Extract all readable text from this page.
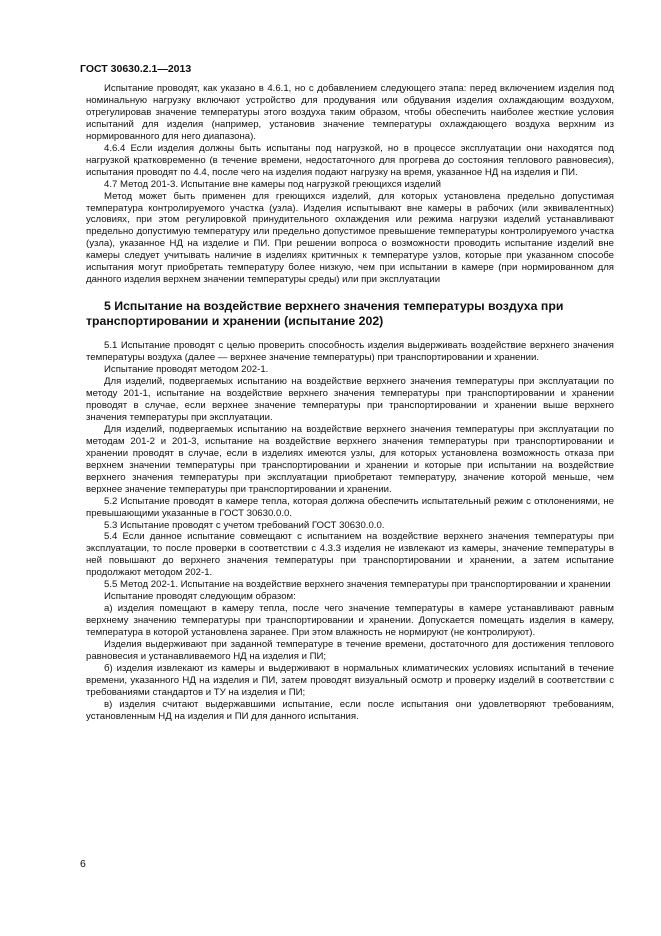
ГОСТ 30630.2.1—2013

Испытание проводят, как указано в 4.6.1, но с добавлением следующего этапа: перед включением изделия под номинальную нагрузку включают устройство для продувания или обдувания изделия охлаждающим воздухом, отрегулировав значение температуры этого воздуха таким образом, чтобы обеспечить наиболее жесткие условия испытаний для изделия (например, установив значение температуры охлаждающего воздуха верхним из нормированного для него диапазона).

4.6.4 Если изделия должны быть испытаны под нагрузкой, но в процессе эксплуатации они находятся под нагрузкой кратковременно (в течение времени, недостаточного для прогрева до состояния теплового равновесия), испытания проводят по 4.4, после чего на изделия подают нагрузку на время, указанное НД на изделия и ПИ.

4.7 Метод 201-3. Испытание вне камеры под нагрузкой греющихся изделий

Метод может быть применен для греющихся изделий, для которых установлена предельно допустимая температура контролируемого участка (узла). Изделия испытывают вне камеры в рабочих (или эквивалентных) условиях, при этом регулировкой принудительного охлаждения или режима нагрузки изделий устанавливают предельно допустимую температуру или предельно допустимое превышение температуры контролируемого участка (узла), указанное НД на изделие и ПИ. При решении вопроса о возможности проводить испытание изделий вне камеры следует учитывать наличие в изделиях критичных к температуре узлов, которые при указанном способе испытания могут приобретать температуру более низкую, чем при испытании в камере (при нормированном для данного изделия верхнем значении температуры среды) или при эксплуатации

5 Испытание на воздействие верхнего значения температуры воздуха при транспортировании и хранении (испытание 202)

5.1 Испытание проводят с целью проверить способность изделия выдерживать воздействие верхнего значения температуры воздуха (далее — верхнее значение температуры) при транспортировании и хранении.

Испытание проводят методом 202-1.

Для изделий, подвергаемых испытанию на воздействие верхнего значения температуры при эксплуатации по методу 201-1, испытание на воздействие верхнего значения температуры при транспортировании и хранении проводят в случае, если верхнее значение температуры при транспортировании и хранении выше верхнего значения температуры при эксплуатации.

Для изделий, подвергаемых испытанию на воздействие верхнего значения температуры при эксплуатации по методам 201-2 и 201-3, испытание на воздействие верхнего значения температуры при транспортировании и хранении проводят в случае, если в изделиях имеются узлы, для которых установлена возможность отказа при верхнем значении температуры при транспортировании и хранении и которые при испытании на воздействие верхнего значения температуры при эксплуатации приобретают температуру, значение которой меньше, чем верхнее значение температуры при транспортировании и хранении.

5.2 Испытание проводят в камере тепла, которая должна обеспечить испытательный режим с отклонениями, не превышающими указанные в ГОСТ 30630.0.0.

5.3 Испытание проводят с учетом требований ГОСТ 30630.0.0.

5.4 Если данное испытание совмещают с испытанием на воздействие верхнего значения температуры при эксплуатации, то после проверки в соответствии с 4.3.3 изделия не извлекают из камеры, значение температуры в ней повышают до верхнего значения температуры при транспортировании и хранении, а затем испытание продолжают методом 202-1.

5.5 Метод 202-1. Испытание на воздействие верхнего значения температуры при транспортировании и хранении

Испытание проводят следующим образом:

а) изделия помещают в камеру тепла, после чего значение температуры в камере устанавливают равным верхнему значению температуры при транспортировании и хранении. Допускается помещать изделия в камеру, температура в которой установлена заранее. При этом влажность не нормируют (не контролируют).

Изделия выдерживают при заданной температуре в течение времени, достаточного для достижения теплового равновесия и устанавливаемого НД на изделия и ПИ;

б) изделия извлекают из камеры и выдерживают в нормальных климатических условиях испытаний в течение времени, указанного НД на изделия и ПИ, затем проводят визуальный осмотр и проверку изделий в соответствии с требованиями стандартов и ТУ на изделия и ПИ;

в) изделия считают выдержавшими испытание, если после испытания они удовлетворяют требованиям, установленным НД на изделия и ПИ для данного испытания.

6
